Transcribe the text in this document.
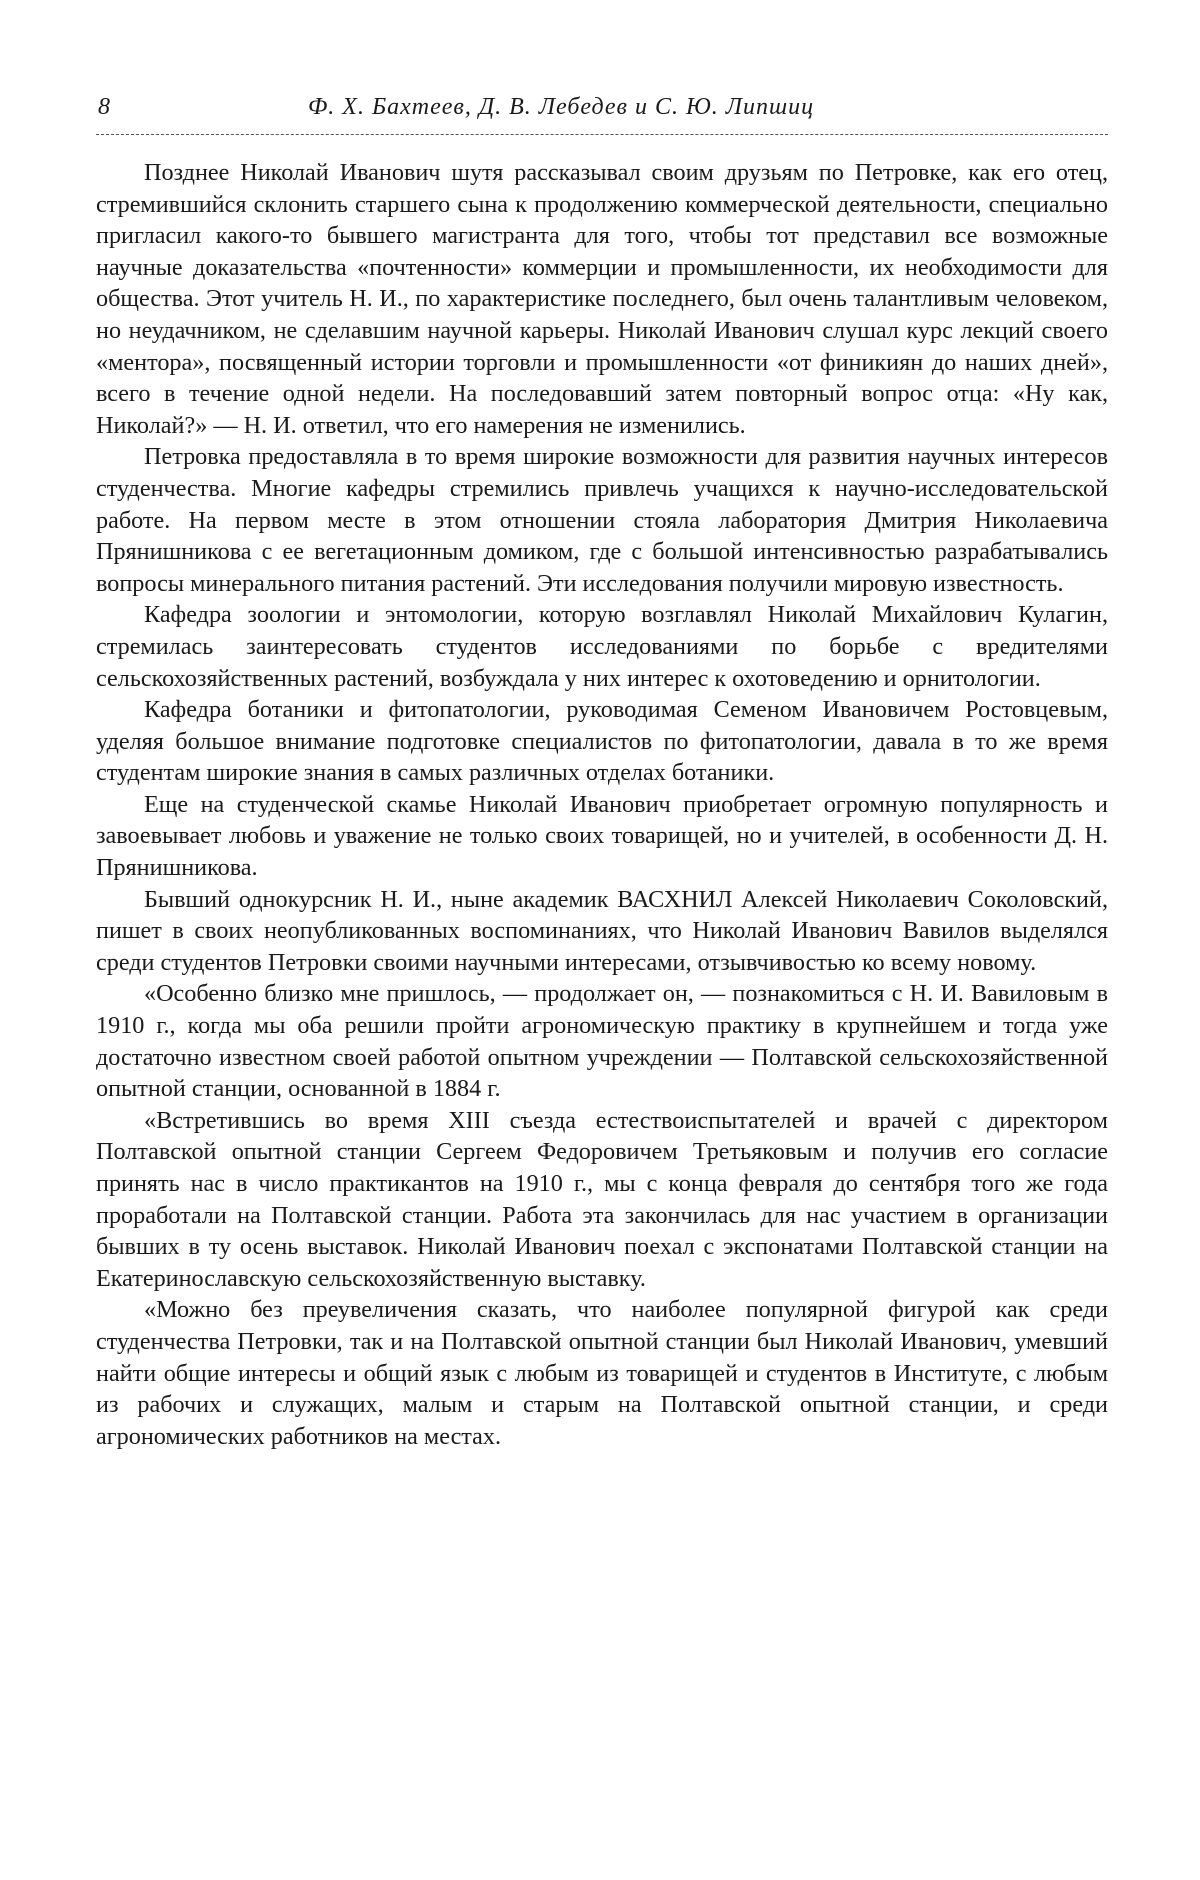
8	Ф. Х. Бахтеев, Д. В. Лебедев и С. Ю. Липшиц

Позднее Николай Иванович шутя рассказывал своим друзьям по Петровке, как его отец, стремившийся склонить старшего сына к продолжению коммерческой деятельности, специально пригласил какого-то бывшего магистранта для того, чтобы тот представил все возможные научные доказательства «почтенности» коммерции и промышленности, их необходимости для общества. Этот учитель Н. И., по характеристике последнего, был очень талантливым человеком, но неудачником, не сделавшим научной карьеры. Николай Иванович слушал курс лекций своего «ментора», посвященный истории торговли и промышленности «от финикиян до наших дней», всего в течение одной недели. На последовавший затем повторный вопрос отца: «Ну как, Николай?» — Н. И. ответил, что его намерения не изменились.

Петровка предоставляла в то время широкие возможности для развития научных интересов студенчества. Многие кафедры стремились привлечь учащихся к научно-исследовательской работе. На первом месте в этом отношении стояла лаборатория Дмитрия Николаевича Прянишникова с ее вегетационным домиком, где с большой интенсивностью разрабатывались вопросы минерального питания растений. Эти исследования получили мировую известность.

Кафедра зоологии и энтомологии, которую возглавлял Николай Михайлович Кулагин, стремилась заинтересовать студентов исследованиями по борьбе с вредителями сельскохозяйственных растений, возбуждала у них интерес к охотоведению и орнитологии.

Кафедра ботаники и фитопатологии, руководимая Семеном Ивановичем Ростовцевым, уделяя большое внимание подготовке специалистов по фитопатологии, давала в то же время студентам широкие знания в самых различных отделах ботаники.

Еще на студенческой скамье Николай Иванович приобретает огромную популярность и завоевывает любовь и уважение не только своих товарищей, но и учителей, в особенности Д. Н. Прянишникова.

Бывший однокурсник Н. И., ныне академик ВАСХНИЛ Алексей Николаевич Соколовский, пишет в своих неопубликованных воспоминаниях, что Николай Иванович Вавилов выделялся среди студентов Петровки своими научными интересами, отзывчивостью ко всему новому.

«Особенно близко мне пришлось, — продолжает он, — познакомиться с Н. И. Вавиловым в 1910 г., когда мы оба решили пройти агрономическую практику в крупнейшем и тогда уже достаточно известном своей работой опытном учреждении — Полтавской сельскохозяйственной опытной станции, основанной в 1884 г.

«Встретившись во время XIII съезда естествоиспытателей и врачей с директором Полтавской опытной станции Сергеем Федоровичем Третьяковым и получив его согласие принять нас в число практикантов на 1910 г., мы с конца февраля до сентября того же года проработали на Полтавской станции. Работа эта закончилась для нас участием в организации бывших в ту осень выставок. Николай Иванович поехал с экспонатами Полтавской станции на Екатеринославскую сельскохозяйственную выставку.

«Можно без преувеличения сказать, что наиболее популярной фигурой как среди студенчества Петровки, так и на Полтавской опытной станции был Николай Иванович, умевший найти общие интересы и общий язык с любым из товарищей и студентов в Институте, с любым из рабочих и служащих, малым и старым на Полтавской опытной станции, и среди агрономических работников на местах.
